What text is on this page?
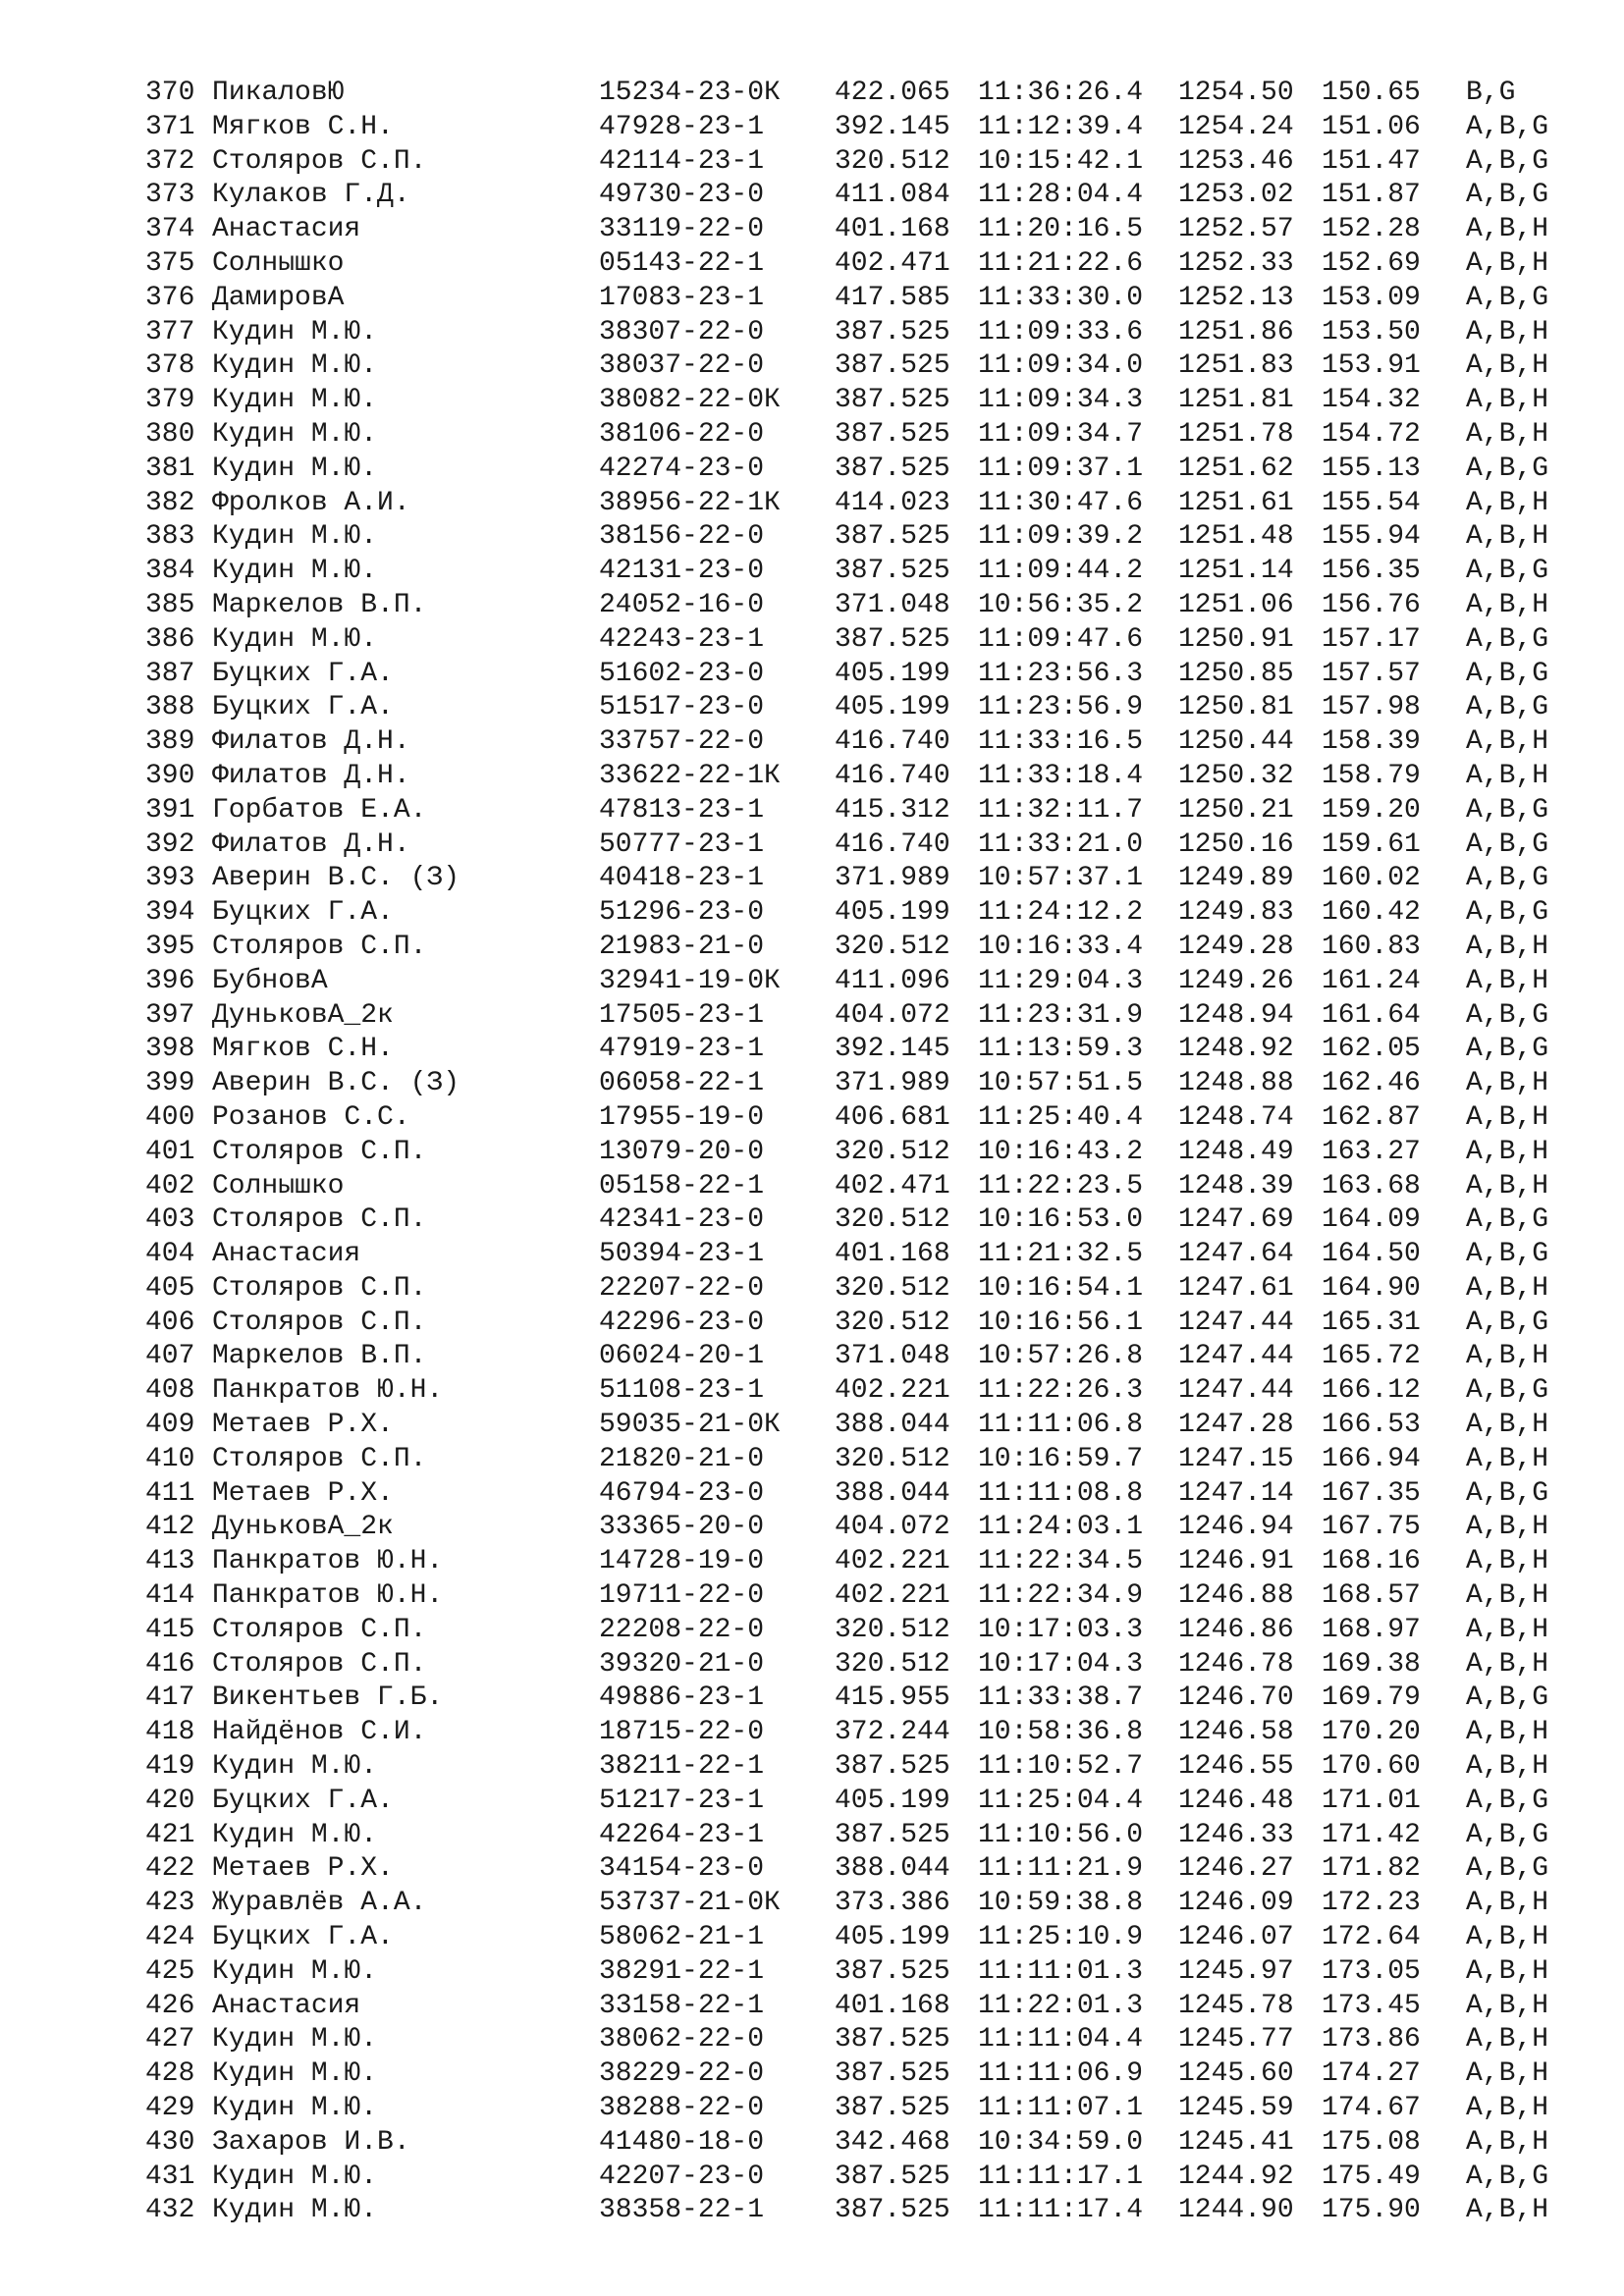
370 ПикаловЮ	15234-23-0К 422.065 11:36:26.4 1254.50 150.65 B,G
371 Мягков С.Н.	47928-23-1	392.145 11:12:39.4 1254.24 151.06 A,B,G
372 Столяров С.П.	42114-23-1	320.512 10:15:42.1 1253.46 151.47 A,B,G
373 Кулаков Г.Д.	49730-23-0	411.084 11:28:04.4 1253.02 151.87 A,B,G
374 Анастасия	33119-22-0	401.168 11:20:16.5 1252.57 152.28 A,B,H
375 Солнышко	05143-22-1	402.471 11:21:22.6 1252.33 152.69 A,B,H
376 ДамировА	17083-23-1	417.585 11:33:30.0 1252.13 153.09 A,B,G
377 Кудин М.Ю.	38307-22-0	387.525 11:09:33.6 1251.86 153.50 A,B,H
378 Кудин М.Ю.	38037-22-0	387.525 11:09:34.0 1251.83 153.91 A,B,H
379 Кудин М.Ю.	38082-22-0К 387.525 11:09:34.3 1251.81 154.32 A,B,H
380 Кудин М.Ю.	38106-22-0	387.525 11:09:34.7 1251.78 154.72 A,B,H
381 Кудин М.Ю.	42274-23-0	387.525 11:09:37.1 1251.62 155.13 A,B,G
382 Фролков А.И.	38956-22-1К 414.023 11:30:47.6 1251.61 155.54 A,B,H
383 Кудин М.Ю.	38156-22-0	387.525 11:09:39.2 1251.48 155.94 A,B,H
384 Кудин М.Ю.	42131-23-0	387.525 11:09:44.2 1251.14 156.35 A,B,G
385 Маркелов В.П.	24052-16-0	371.048 10:56:35.2 1251.06 156.76 A,B,H
386 Кудин М.Ю.	42243-23-1	387.525 11:09:47.6 1250.91 157.17 A,B,G
387 Буцких Г.А.	51602-23-0	405.199 11:23:56.3 1250.85 157.57 A,B,G
388 Буцких Г.А.	51517-23-0	405.199 11:23:56.9 1250.81 157.98 A,B,G
389 Филатов Д.Н.	33757-22-0	416.740 11:33:16.5 1250.44 158.39 A,B,H
390 Филатов Д.Н.	33622-22-1К 416.740 11:33:18.4 1250.32 158.79 A,B,H
391 Горбатов Е.А.	47813-23-1	415.312 11:32:11.7 1250.21 159.20 A,B,G
392 Филатов Д.Н.	50777-23-1	416.740 11:33:21.0 1250.16 159.61 A,B,G
393 Аверин В.С. (З)	40418-23-1	371.989 10:57:37.1 1249.89 160.02 A,B,G
394 Буцких Г.А.	51296-23-0	405.199 11:24:12.2 1249.83 160.42 A,B,G
395 Столяров С.П.	21983-21-0	320.512 10:16:33.4 1249.28 160.83 A,B,H
396 БубновА	32941-19-0К 411.096 11:29:04.3 1249.26 161.24 A,B,H
397 ДуньковА_2к	17505-23-1	404.072 11:23:31.9 1248.94 161.64 A,B,G
398 Мягков С.Н.	47919-23-1	392.145 11:13:59.3 1248.92 162.05 A,B,G
399 Аверин В.С. (З)	06058-22-1	371.989 10:57:51.5 1248.88 162.46 A,B,H
400 Розанов С.С.	17955-19-0	406.681 11:25:40.4 1248.74 162.87 A,B,H
401 Столяров С.П.	13079-20-0	320.512 10:16:43.2 1248.49 163.27 A,B,H
402 Солнышко	05158-22-1	402.471 11:22:23.5 1248.39 163.68 A,B,H
403 Столяров С.П.	42341-23-0	320.512 10:16:53.0 1247.69 164.09 A,B,G
404 Анастасия	50394-23-1	401.168 11:21:32.5 1247.64 164.50 A,B,G
405 Столяров С.П.	22207-22-0	320.512 10:16:54.1 1247.61 164.90 A,B,H
406 Столяров С.П.	42296-23-0	320.512 10:16:56.1 1247.44 165.31 A,B,G
407 Маркелов В.П.	06024-20-1	371.048 10:57:26.8 1247.44 165.72 A,B,H
408 Панкратов Ю.Н.	51108-23-1	402.221 11:22:26.3 1247.44 166.12 A,B,G
409 Метаев Р.Х.	59035-21-0К 388.044 11:11:06.8 1247.28 166.53 A,B,H
410 Столяров С.П.	21820-21-0	320.512 10:16:59.7 1247.15 166.94 A,B,H
411 Метаев Р.Х.	46794-23-0	388.044 11:11:08.8 1247.14 167.35 A,B,G
412 ДуньковА_2к	33365-20-0	404.072 11:24:03.1 1246.94 167.75 A,B,H
413 Панкратов Ю.Н.	14728-19-0	402.221 11:22:34.5 1246.91 168.16 A,B,H
414 Панкратов Ю.Н.	19711-22-0	402.221 11:22:34.9 1246.88 168.57 A,B,H
415 Столяров С.П.	22208-22-0	320.512 10:17:03.3 1246.86 168.97 A,B,H
416 Столяров С.П.	39320-21-0	320.512 10:17:04.3 1246.78 169.38 A,B,H
417 Викентьев Г.Б.	49886-23-1	415.955 11:33:38.7 1246.70 169.79 A,B,G
418 Найдёнов С.И.	18715-22-0	372.244 10:58:36.8 1246.58 170.20 A,B,H
419 Кудин М.Ю.	38211-22-1	387.525 11:10:52.7 1246.55 170.60 A,B,H
420 Буцких Г.А.	51217-23-1	405.199 11:25:04.4 1246.48 171.01 A,B,G
421 Кудин М.Ю.	42264-23-1	387.525 11:10:56.0 1246.33 171.42 A,B,G
422 Метаев Р.Х.	34154-23-0	388.044 11:11:21.9 1246.27 171.82 A,B,G
423 Журавлёв А.А.	53737-21-0К 373.386 10:59:38.8 1246.09 172.23 A,B,H
424 Буцких Г.А.	58062-21-1	405.199 11:25:10.9 1246.07 172.64 A,B,H
425 Кудин М.Ю.	38291-22-1	387.525 11:11:01.3 1245.97 173.05 A,B,H
426 Анастасия	33158-22-1	401.168 11:22:01.3 1245.78 173.45 A,B,H
427 Кудин М.Ю.	38062-22-0	387.525 11:11:04.4 1245.77 173.86 A,B,H
428 Кудин М.Ю.	38229-22-0	387.525 11:11:06.9 1245.60 174.27 A,B,H
429 Кудин М.Ю.	38288-22-0	387.525 11:11:07.1 1245.59 174.67 A,B,H
430 Захаров И.В.	41480-18-0	342.468 10:34:59.0 1245.41 175.08 A,B,H
431 Кудин М.Ю.	42207-23-0	387.525 11:11:17.1 1244.92 175.49 A,B,G
432 Кудин М.Ю.	38358-22-1	387.525 11:11:17.4 1244.90 175.90 A,B,H
